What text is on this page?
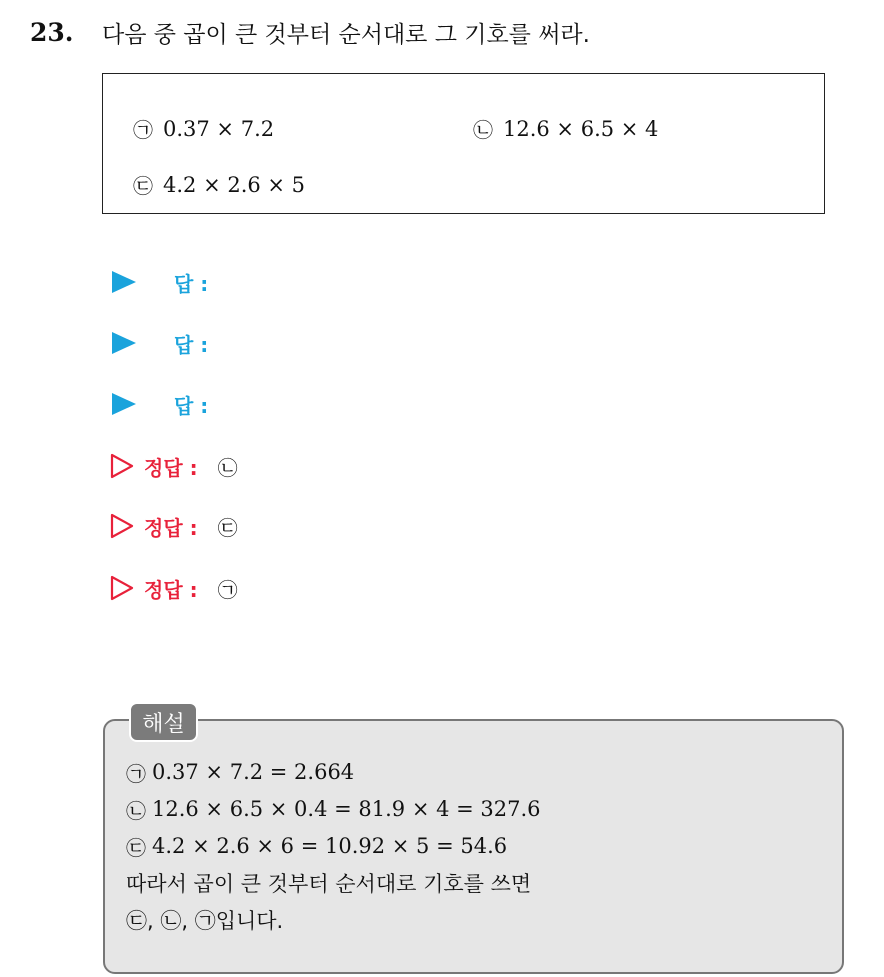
23.	다음 중 곱이 큰 것부터 순서대로 그 기호를 써라.
㉠ 0.37 × 7.2	㉡ 12.6 × 6.5 × 4
㉢ 4.2 × 2.6 × 5
답 :
답 :
답 :
정답 : ㉡
정답 : ㉢
정답 : ㉠
해설
㉠ 0.37 × 7.2 = 2.664
㉡ 12.6 × 6.5 × 0.4 = 81.9 × 4 = 327.6
㉢ 4.2 × 2.6 × 6 = 10.92 × 5 = 54.6
따라서 곱이 큰 것부터 순서대로 기호를 쓰면
㉢, ㉡, ㉠입니다.
